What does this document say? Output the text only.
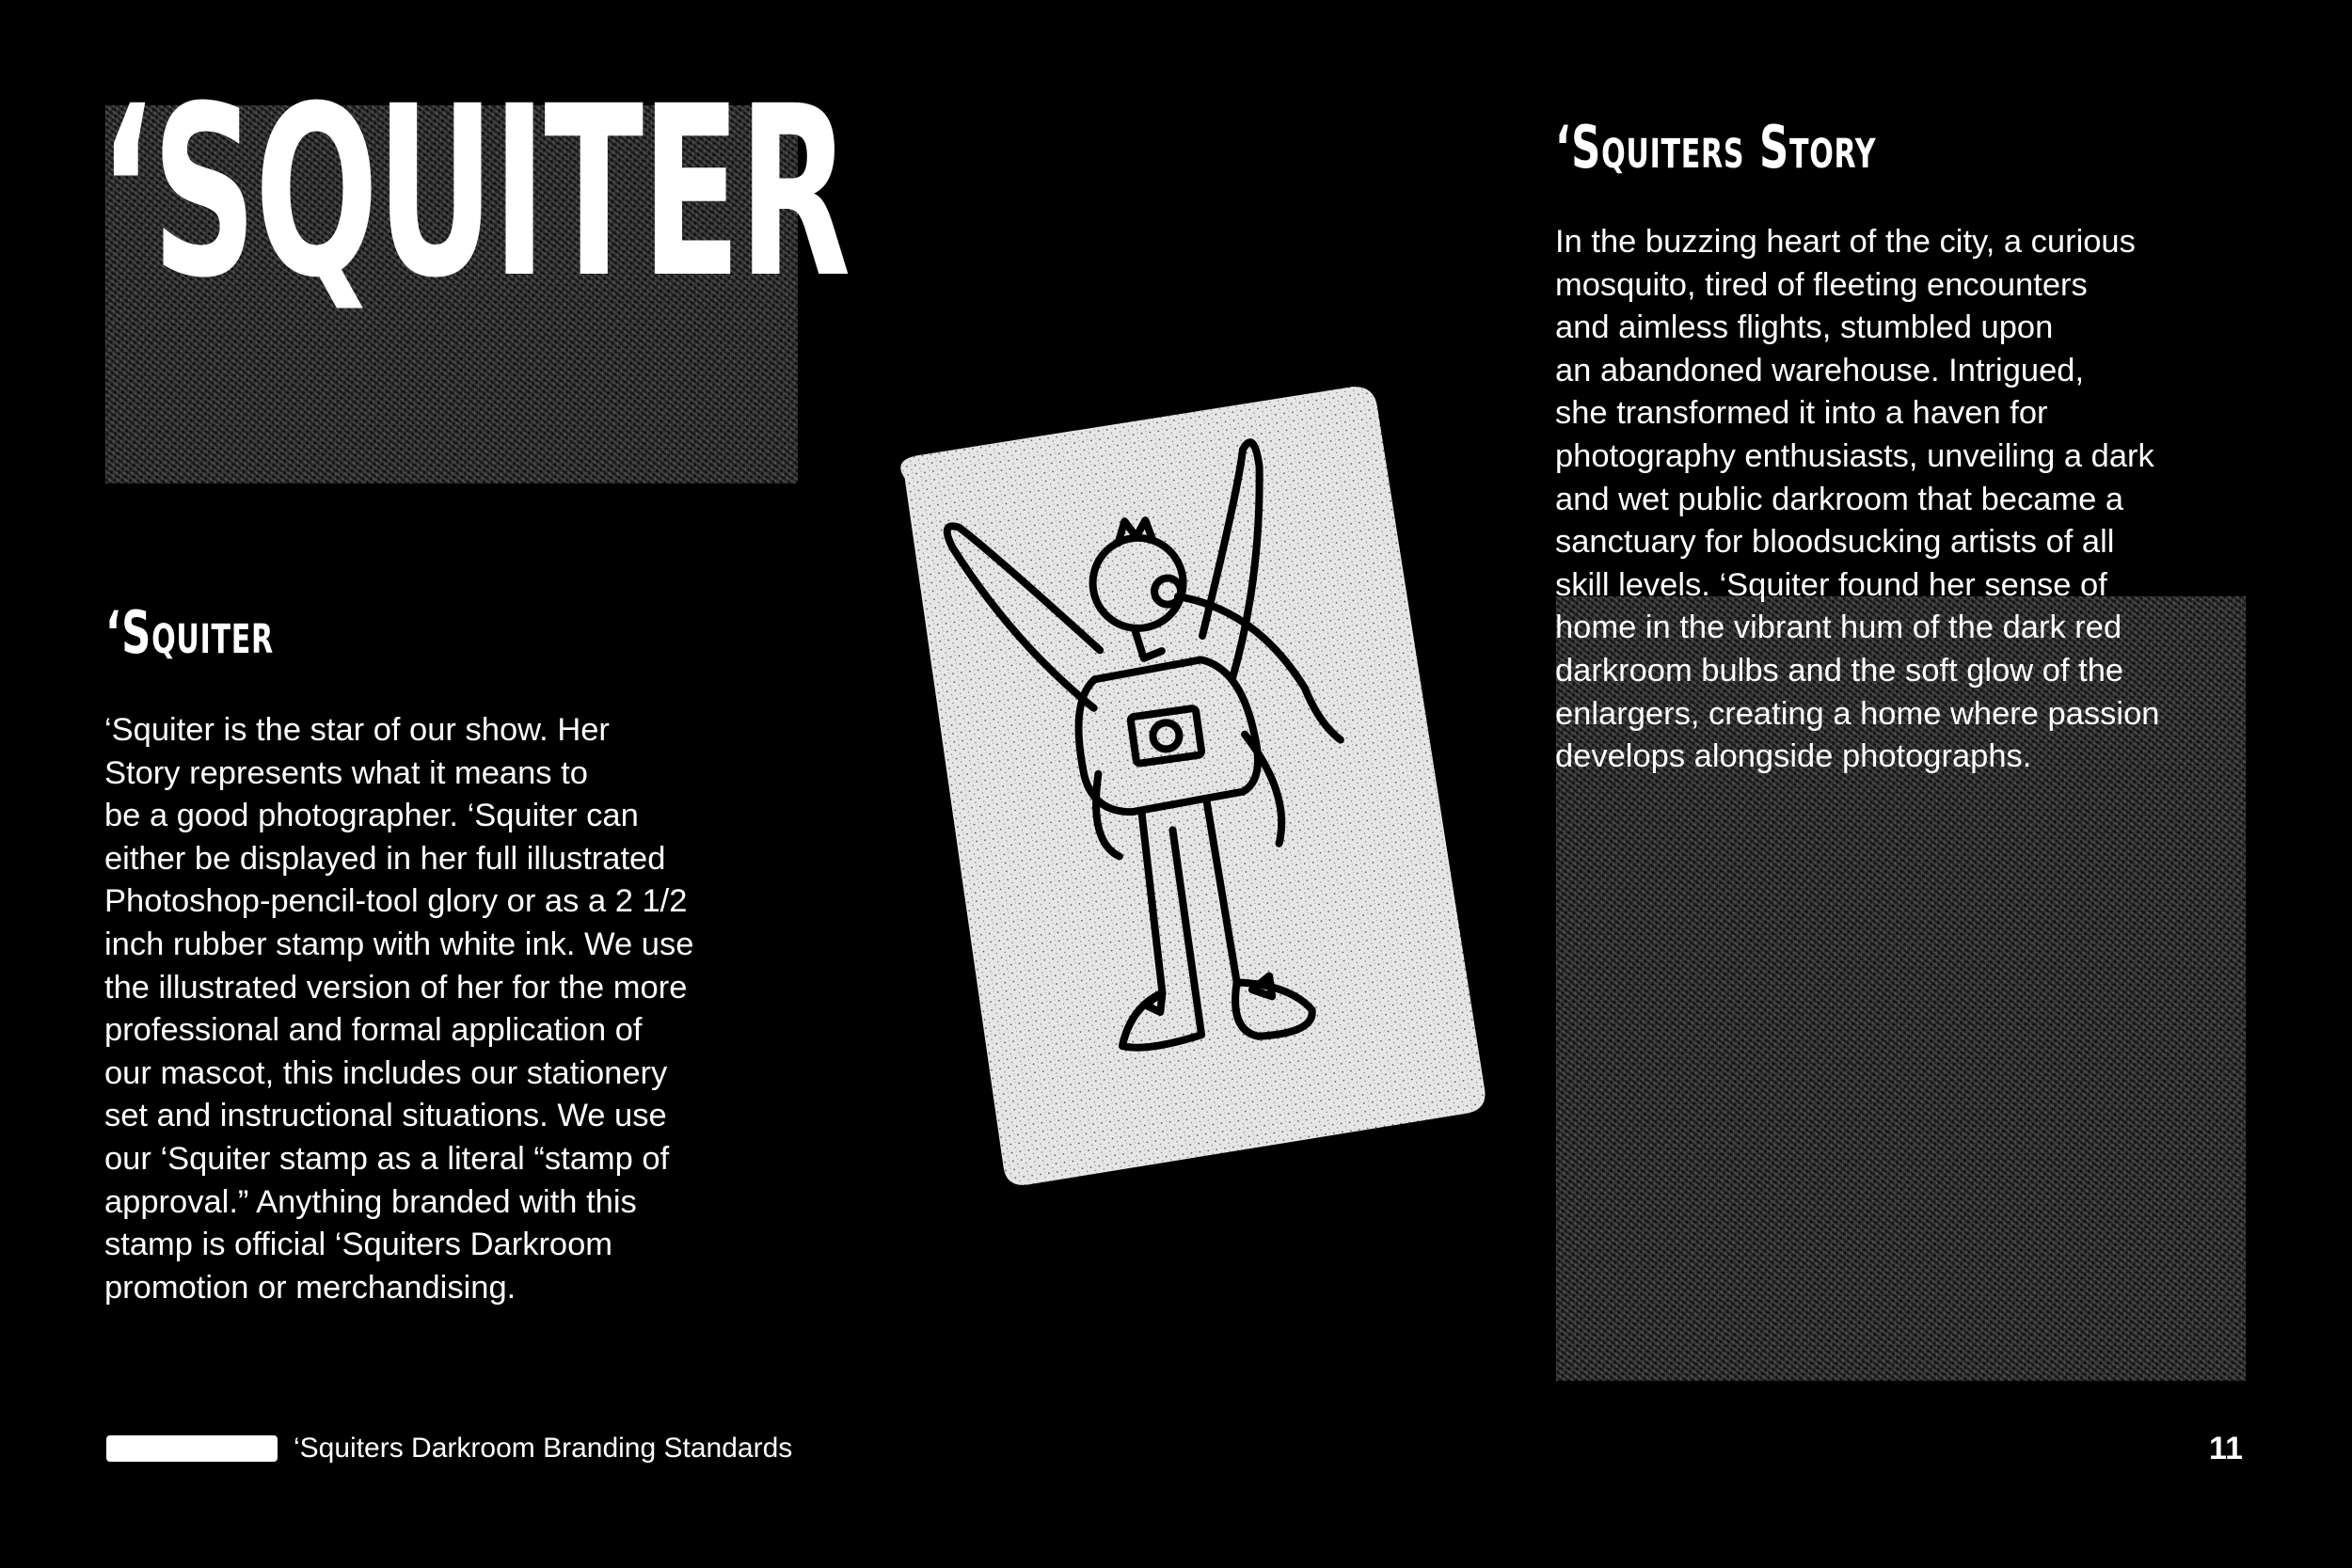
‘SQUITER
‘Squiter

‘Squiter is the star of our show. Her
Story represents what it means to
be a good photographer. ‘Squiter can
either be displayed in her full illustrated
Photoshop-pencil-tool glory or as a 2 1/2
inch rubber stamp with white ink. We use
the illustrated version of her for the more
professional and formal application of
our mascot, this includes our stationery
set and instructional situations. We use
our ‘Squiter stamp as a literal “stamp of
approval.” Anything branded with this
stamp is official ‘Squiters Darkroom
promotion or merchandising.

‘Squiters Story

In the buzzing heart of the city, a curious
mosquito, tired of fleeting encounters
and aimless flights, stumbled upon
an abandoned warehouse. Intrigued,
she transformed it into a haven for
photography enthusiasts, unveiling a dark
and wet public darkroom that became a
sanctuary for bloodsucking artists of all
skill levels. ‘Squiter found her sense of
home in the vibrant hum of the dark red
darkroom bulbs and the soft glow of the
enlargers, creating a home where passion
develops alongside photographs.

‘Squiters Darkroom Branding Standards	11
